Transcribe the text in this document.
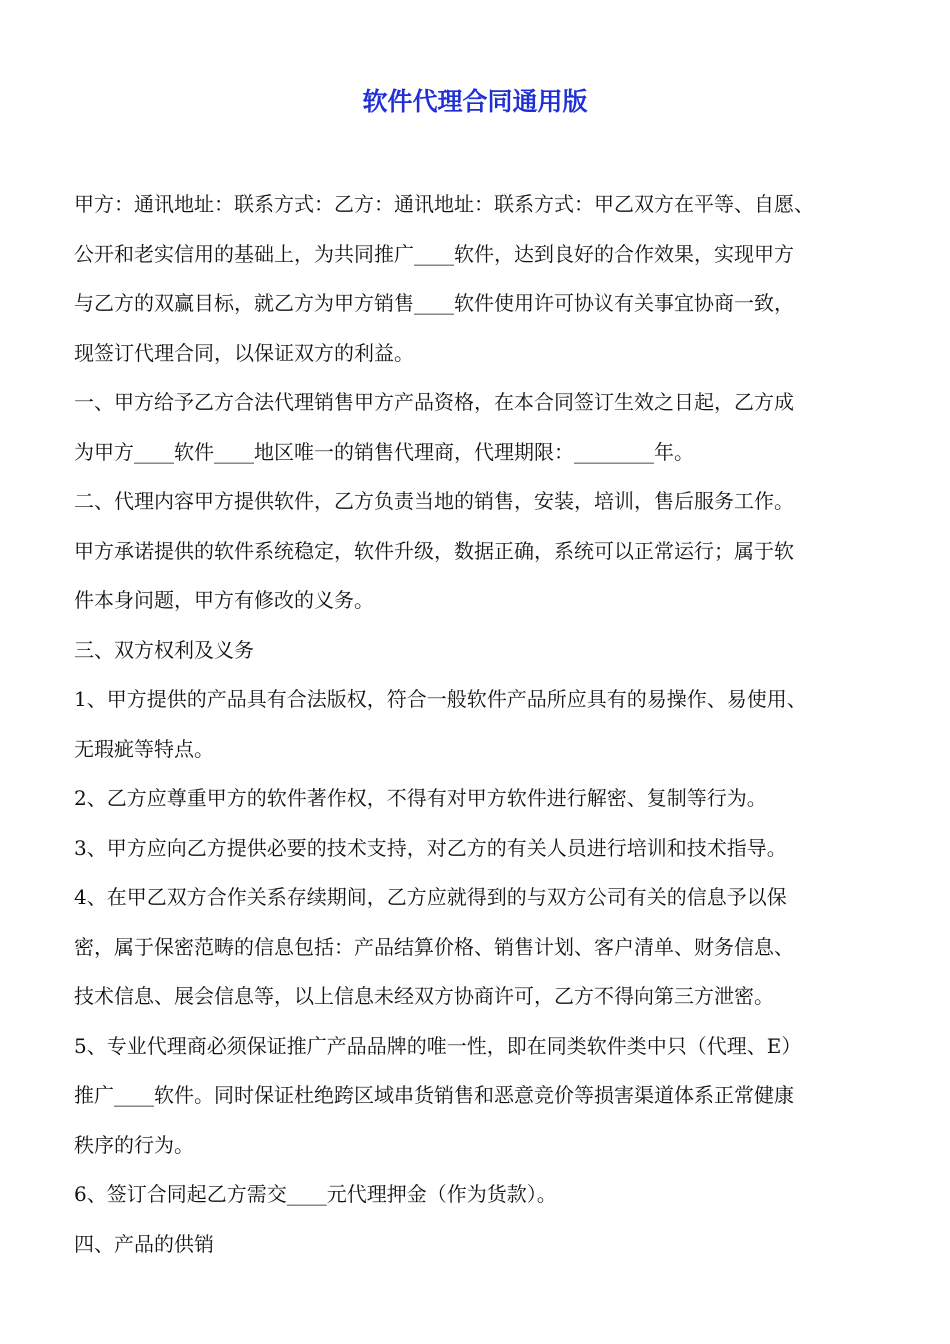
软件代理合同通用版
甲方：通讯地址：联系方式：乙方：通讯地址：联系方式：甲乙双方在平等、自愿、
公开和老实信用的基础上，为共同推广____软件，达到良好的合作效果，实现甲方
与乙方的双赢目标，就乙方为甲方销售____软件使用许可协议有关事宜协商一致，
现签订代理合同，以保证双方的利益。
一、甲方给予乙方合法代理销售甲方产品资格，在本合同签订生效之日起，乙方成
为甲方____软件____地区唯一的销售代理商，代理期限：________年。
二、代理内容甲方提供软件，乙方负责当地的销售，安装，培训，售后服务工作。
甲方承诺提供的软件系统稳定，软件升级，数据正确，系统可以正常运行；属于软
件本身问题，甲方有修改的义务。
三、双方权利及义务
1、甲方提供的产品具有合法版权，符合一般软件产品所应具有的易操作、易使用、
无瑕疵等特点。
2、乙方应尊重甲方的软件著作权，不得有对甲方软件进行解密、复制等行为。
3、甲方应向乙方提供必要的技术支持，对乙方的有关人员进行培训和技术指导。
4、在甲乙双方合作关系存续期间，乙方应就得到的与双方公司有关的信息予以保
密，属于保密范畴的信息包括：产品结算价格、销售计划、客户清单、财务信息、
技术信息、展会信息等，以上信息未经双方协商许可，乙方不得向第三方泄密。
5、专业代理商必须保证推广产品品牌的唯一性，即在同类软件类中只（代理、E）
推广____软件。同时保证杜绝跨区域串货销售和恶意竞价等损害渠道体系正常健康
秩序的行为。
6、签订合同起乙方需交____元代理押金（作为货款）。
四、产品的供销
